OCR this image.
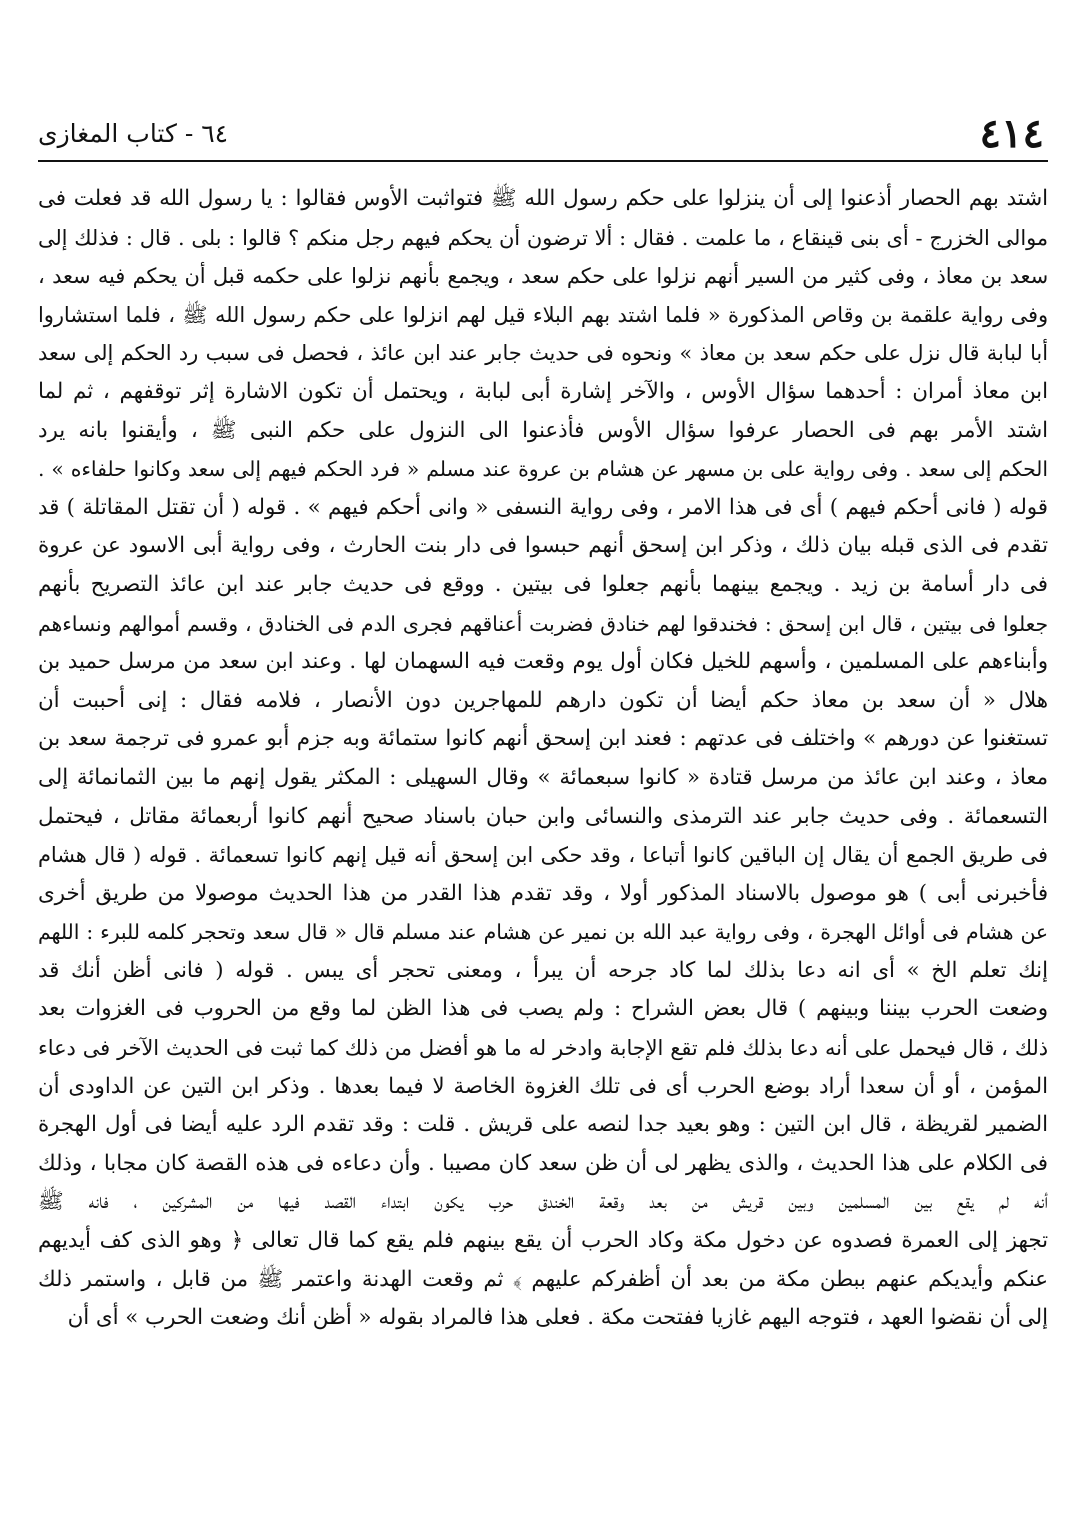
٤١٤
٦٤ - كتاب المغازى
اشتد بهم الحصار أذعنوا إلى أن ينزلوا على حكم رسول الله ﷺ فتواثبت الأوس فقالوا : يا رسول الله قد فعلت فى
موالى الخزرج - أى بنى قينقاع ، ما علمت . فقال : ألا ترضون أن يحكم فيهم رجل منكم ؟ قالوا : بلى . قال : فذلك إلى
سعد بن معاذ ، وفى كثير من السير أنهم نزلوا على حكم سعد ، ويجمع بأنهم نزلوا على حكمه قبل أن يحكم فيه سعد ،
وفى رواية علقمة بن وقاص المذكورة « فلما اشتد بهم البلاء قيل لهم انزلوا على حكم رسول الله ﷺ ، فلما استشاروا
أبا لبابة قال نزل على حكم سعد بن معاذ » ونحوه فى حديث جابر عند ابن عائذ ، فحصل فى سبب رد الحكم إلى سعد
ابن معاذ أمران : أحدهما سؤال الأوس ، والآخر إشارة أبى لبابة ، ويحتمل أن تكون الاشارة إثر توقفهم ، ثم لما
اشتد الأمر بهم فى الحصار عرفوا سؤال الأوس فأذعنوا الى النزول على حكم النبى ﷺ ، وأيقنوا بانه يرد
الحكم إلى سعد . وفى رواية على بن مسهر عن هشام بن عروة عند مسلم « فرد الحكم فيهم إلى سعد وكانوا حلفاءه » .
قوله ( فانى أحكم فيهم ) أى فى هذا الامر ، وفى رواية النسفى « وانى أحكم فيهم » . قوله ( أن تقتل المقاتلة ) قد
تقدم فى الذى قبله بيان ذلك ، وذكر ابن إسحق أنهم حبسوا فى دار بنت الحارث ، وفى رواية أبى الاسود عن عروة
فى دار أسامة بن زيد . ويجمع بينهما بأنهم جعلوا فى بيتين . ووقع فى حديث جابر عند ابن عائذ التصريح بأنهم
جعلوا فى بيتين ، قال ابن إسحق : فخندقوا لهم خنادق فضربت أعناقهم فجرى الدم فى الخنادق ، وقسم أموالهم ونساءهم
وأبناءهم على المسلمين ، وأسهم للخيل فكان أول يوم وقعت فيه السهمان لها . وعند ابن سعد من مرسل حميد بن
هلال « أن سعد بن معاذ حكم أيضا أن تكون دارهم للمهاجرين دون الأنصار ، فلامه فقال : إنى أحببت أن
تستغنوا عن دورهم » واختلف فى عدتهم : فعند ابن إسحق أنهم كانوا ستمائة وبه جزم أبو عمرو فى ترجمة سعد بن
معاذ ، وعند ابن عائذ من مرسل قتادة « كانوا سبعمائة » وقال السهيلى : المكثر يقول إنهم ما بين الثمانمائة إلى
التسعمائة . وفى حديث جابر عند الترمذى والنسائى وابن حبان باسناد صحيح أنهم كانوا أربعمائة مقاتل ، فيحتمل
فى طريق الجمع أن يقال إن الباقين كانوا أتباعا ، وقد حكى ابن إسحق أنه قيل إنهم كانوا تسعمائة . قوله ( قال هشام
فأخبرنى أبى ) هو موصول بالاسناد المذكور أولا ، وقد تقدم هذا القدر من هذا الحديث موصولا من طريق أخرى
عن هشام فى أوائل الهجرة ، وفى رواية عبد الله بن نمير عن هشام عند مسلم قال « قال سعد وتحجر كلمه للبرء : اللهم
إنك تعلم الخ » أى انه دعا بذلك لما كاد جرحه أن يبرأ ، ومعنى تحجر أى يبس . قوله ( فانى أظن أنك قد
وضعت الحرب بيننا وبينهم ) قال بعض الشراح : ولم يصب فى هذا الظن لما وقع من الحروب فى الغزوات بعد
ذلك ، قال فيحمل على أنه دعا بذلك فلم تقع الإجابة وادخر له ما هو أفضل من ذلك كما ثبت فى الحديث الآخر فى دعاء
المؤمن ، أو أن سعدا أراد بوضع الحرب أى فى تلك الغزوة الخاصة لا فيما بعدها . وذكر ابن التين عن الداودى أن
الضمير لقريظة ، قال ابن التين : وهو بعيد جدا لنصه على قريش . قلت : وقد تقدم الرد عليه أيضا فى أول الهجرة
فى الكلام على هذا الحديث ، والذى يظهر لى أن ظن سعد كان مصيبا . وأن دعاءه فى هذه القصة كان مجابا ، وذلك
أنه لم يقع بين المسلمين وبين قريش من بعد وقعة الخندق حرب يكون ابتداء القصد فيها من المشركين ، فانه ﷺ
تجهز إلى العمرة فصدوه عن دخول مكة وكاد الحرب أن يقع بينهم فلم يقع كما قال تعالى ﴿ وهو الذى كف أيديهم
عنكم وأيديكم عنهم ببطن مكة من بعد أن أظفركم عليهم ﴾ ثم وقعت الهدنة واعتمر ﷺ من قابل ، واستمر ذلك
إلى أن نقضوا العهد ، فتوجه اليهم غازيا ففتحت مكة . فعلى هذا فالمراد بقوله « أظن أنك وضعت الحرب » أى أن
